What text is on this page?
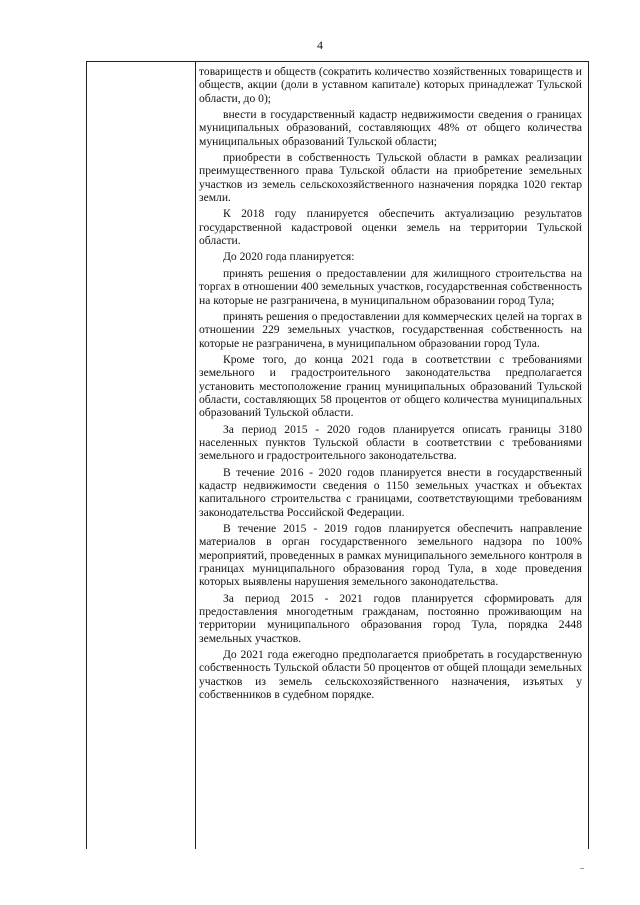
4

товариществ и обществ (сократить количество хозяйственных товариществ и обществ, акции (доли в уставном капитале) которых принадлежат Тульской области, до 0);

внести в государственный кадастр недвижимости сведения о границах муниципальных образований, составляющих 48% от общего количества муниципальных образований Тульской области;

приобрести в собственность Тульской области в рамках реализации преимущественного права Тульской области на приобретение земельных участков из земель сельскохозяйственного назначения порядка 1020 гектар земли.

К 2018 году планируется обеспечить актуализацию результатов государственной кадастровой оценки земель на территории Тульской области.

До 2020 года планируется:

принять решения о предоставлении для жилищного строительства на торгах в отношении 400 земельных участков, государственная собственность на которые не разграничена, в муниципальном образовании город Тула;

принять решения о предоставлении для коммерческих целей на торгах в отношении 229 земельных участков, государственная собственность на которые не разграничена, в муниципальном образовании город Тула.

Кроме того, до конца 2021 года в соответствии с требованиями земельного и градостроительного законодательства предполагается установить местоположение границ муниципальных образований Тульской области, составляющих 58 процентов от общего количества муниципальных образований Тульской области.

За период 2015 - 2020 годов планируется описать границы 3180 населенных пунктов Тульской области в соответствии с требованиями земельного и градостроительного законодательства.

В течение 2016 - 2020 годов планируется внести в государственный кадастр недвижимости сведения о 1150 земельных участках и объектах капитального строительства с границами, соответствующими требованиям законодательства Российской Федерации.

В течение 2015 - 2019 годов планируется обеспечить направление материалов в орган государственного земельного надзора по 100% мероприятий, проведенных в рамках муниципального земельного контроля в границах муниципального образования город Тула, в ходе проведения которых выявлены нарушения земельного законодательства.

За период 2015 - 2021 годов планируется сформировать для предоставления многодетным гражданам, постоянно проживающим на территории муниципального образования город Тула, порядка 2448 земельных участков.

До 2021 года ежегодно предполагается приобретать в государственную собственность Тульской области 50 процентов от общей площади земельных участков из земель сельскохозяйственного назначения, изъятых у собственников в судебном порядке.
